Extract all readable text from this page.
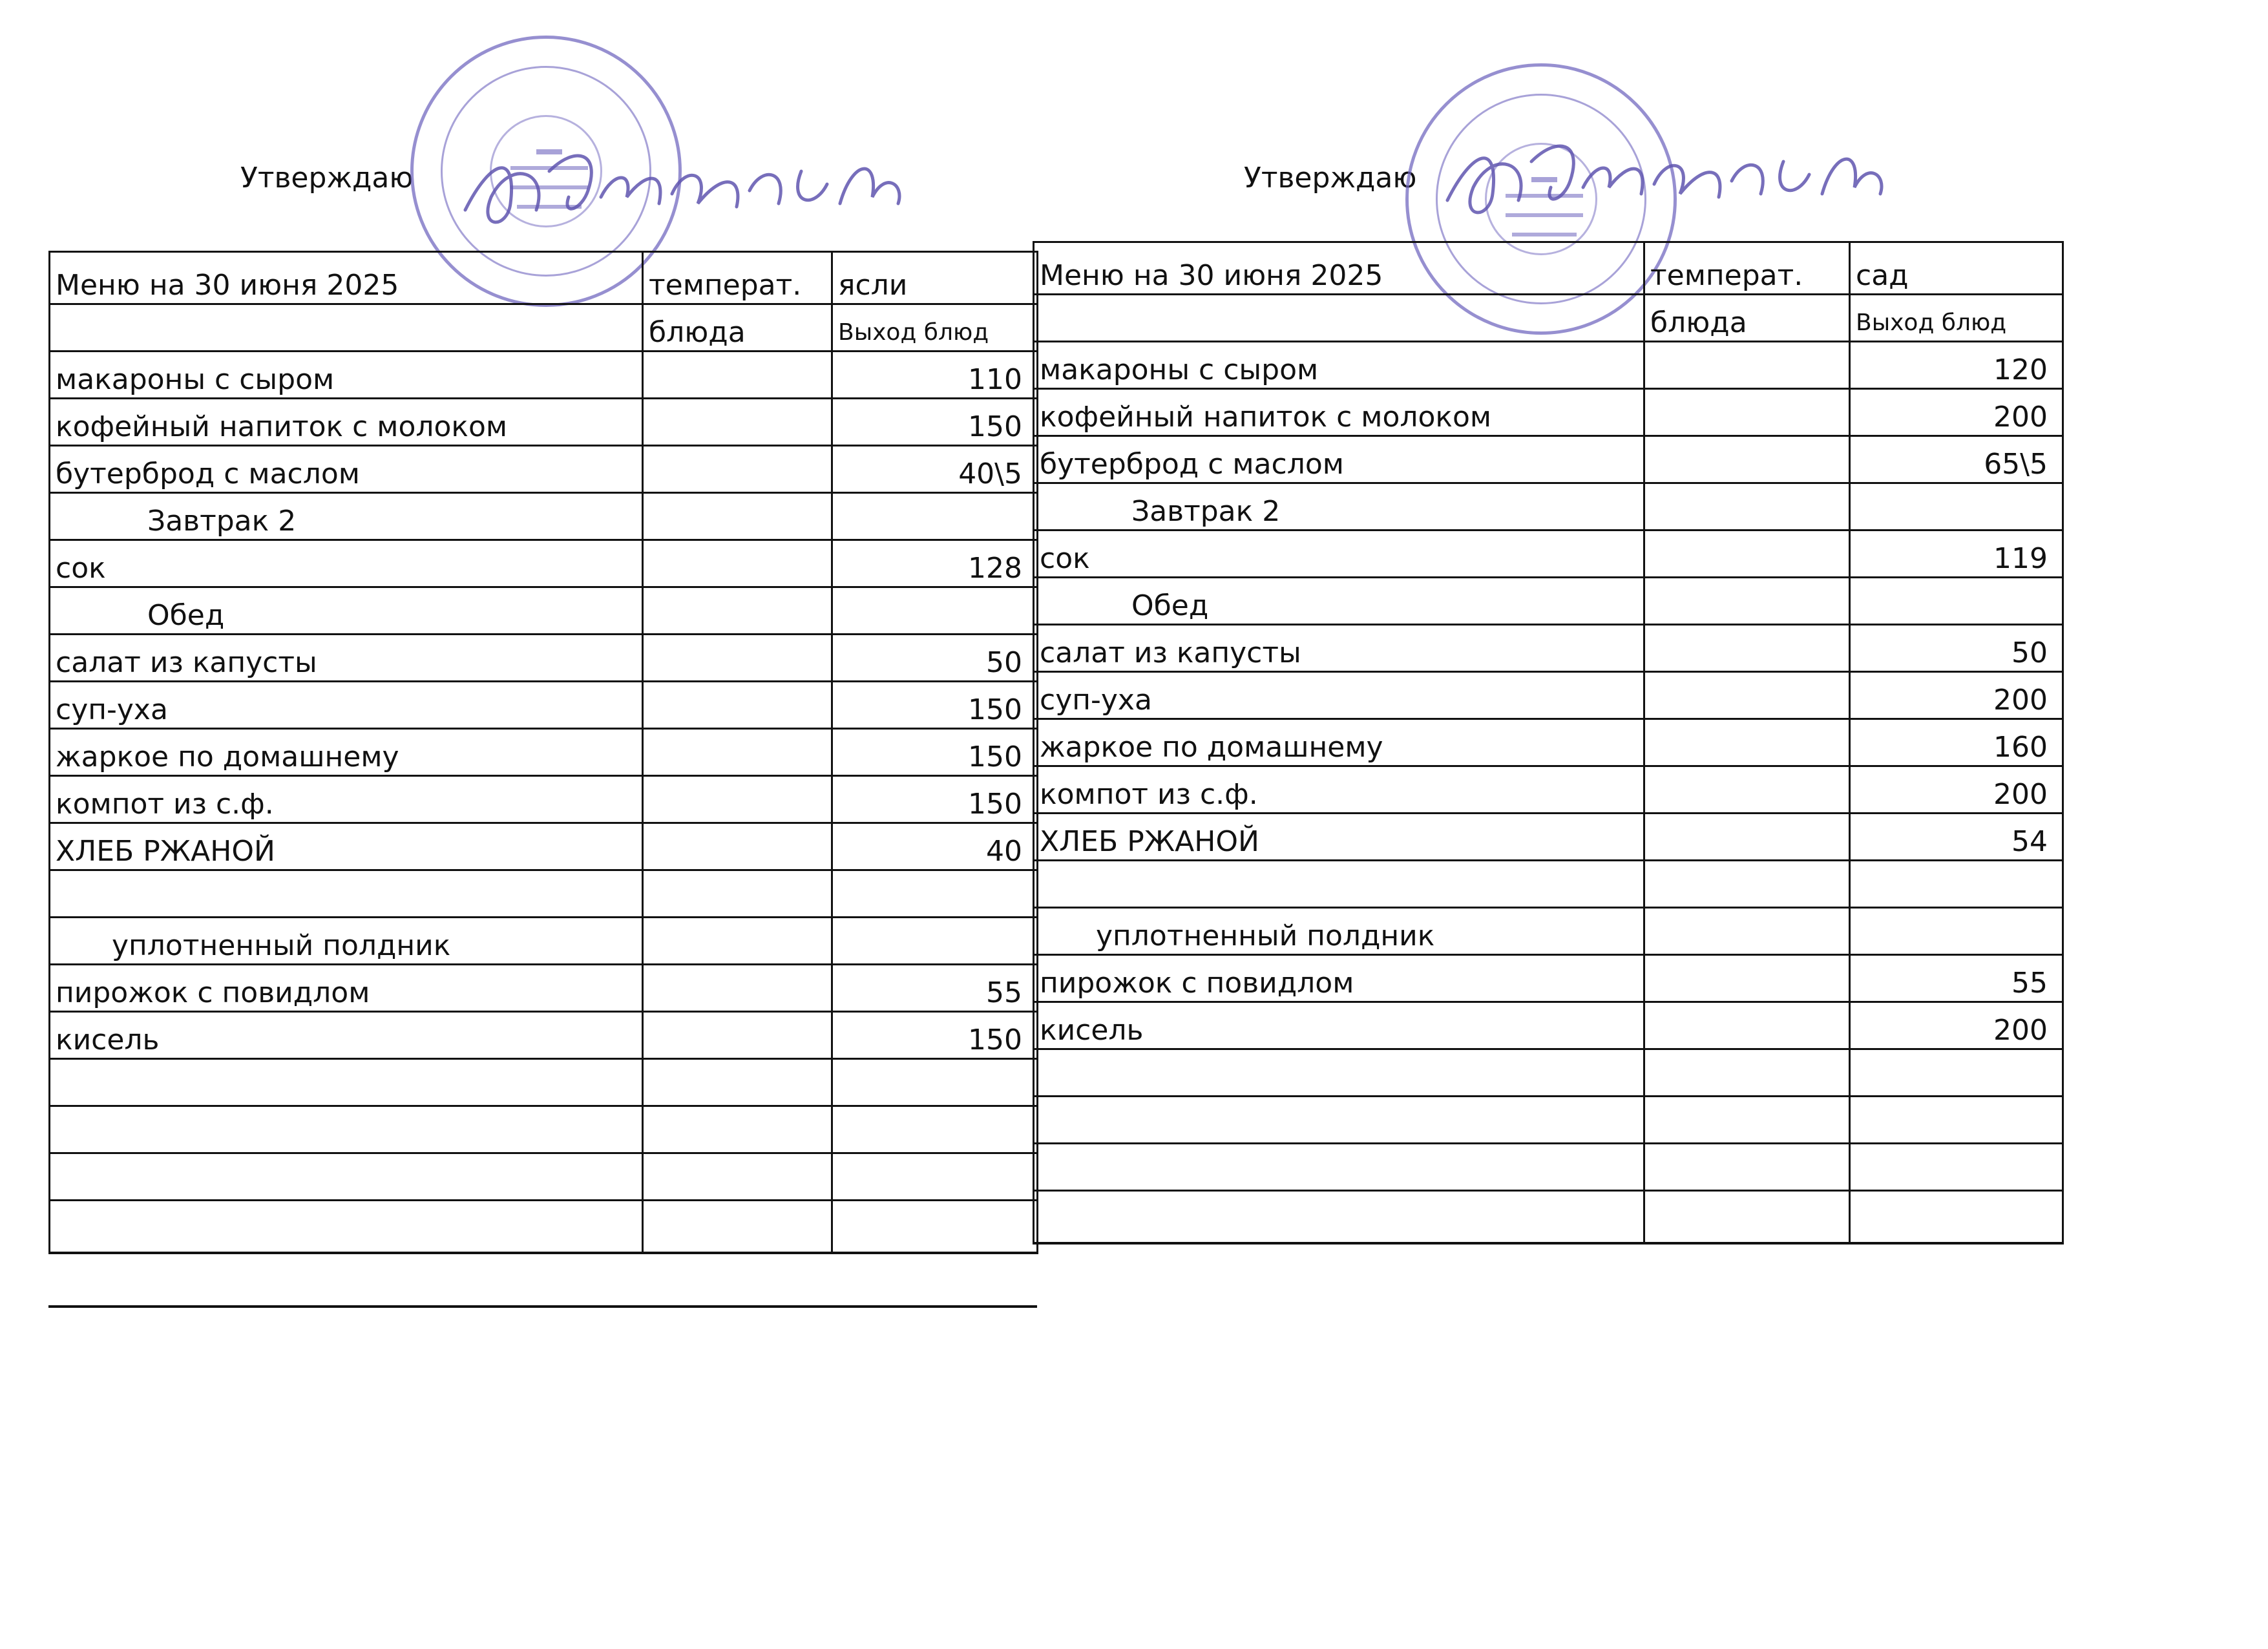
Утверждаю	Утверждаю
Меню на 30 июня 2025	температ.	ясли
	блюда	Выход блюд
макароны с сыром		110
кофейный напиток с молоком		150
бутерброд с маслом		40\5
Завтрак 2		
сок		128
Обед		
салат из капусты		50
суп-уха		150
жаркое по домашнему		150
компот из с.ф.		150
ХЛЕБ РЖАНОЙ		40

уплотненный полдник		
пирожок с повидлом		55
кисель		150

Меню на 30 июня 2025	температ.	сад
	блюда	Выход блюд
макароны с сыром		120
кофейный напиток с молоком		200
бутерброд с маслом		65\5
Завтрак 2		
сок		119
Обед		
салат из капусты		50
суп-уха		200
жаркое по домашнему		160
компот из с.ф.		200
ХЛЕБ РЖАНОЙ		54

уплотненный полдник		
пирожок с повидлом		55
кисель		200
